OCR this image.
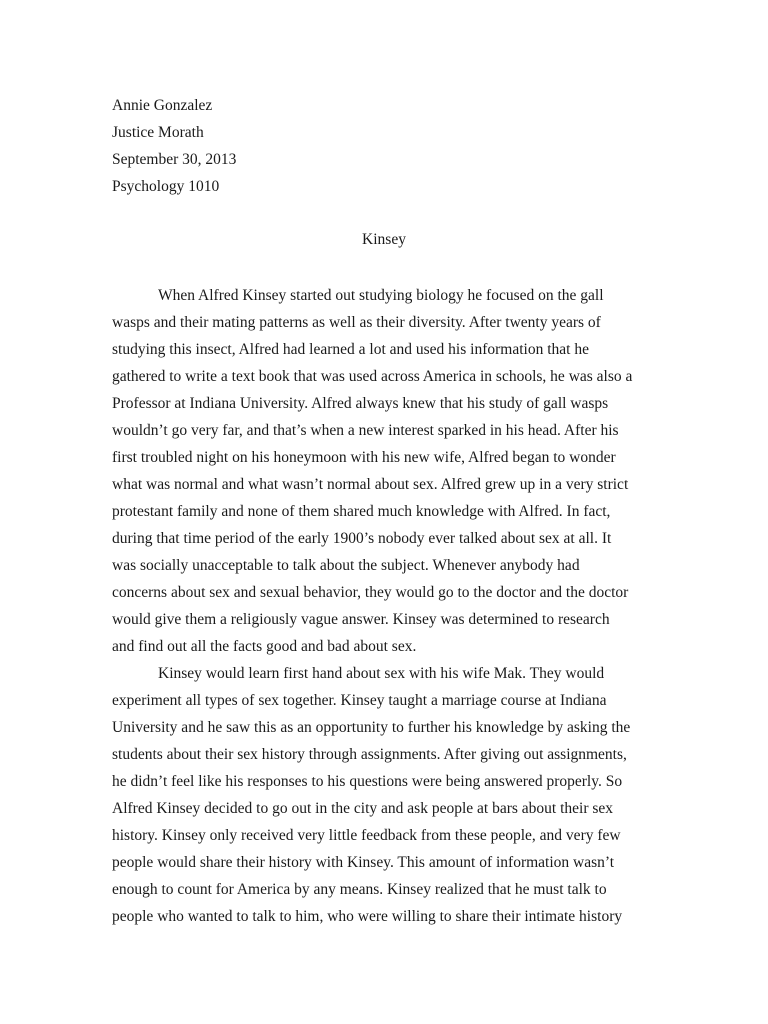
Annie Gonzalez
Justice Morath
September 30, 2013
Psychology 1010
Kinsey
When Alfred Kinsey started out studying biology he focused on the gall
wasps and their mating patterns as well as their diversity. After twenty years of
studying this insect, Alfred had learned a lot and used his information that he
gathered to write a text book that was used across America in schools, he was also a
Professor at Indiana University. Alfred always knew that his study of gall wasps
wouldn’t go very far, and that’s when a new interest sparked in his head. After his
first troubled night on his honeymoon with his new wife, Alfred began to wonder
what was normal and what wasn’t normal about sex. Alfred grew up in a very strict
protestant family and none of them shared much knowledge with Alfred. In fact,
during that time period of the early 1900’s nobody ever talked about sex at all. It
was socially unacceptable to talk about the subject. Whenever anybody had
concerns about sex and sexual behavior, they would go to the doctor and the doctor
would give them a religiously vague answer. Kinsey was determined to research
and find out all the facts good and bad about sex.
Kinsey would learn first hand about sex with his wife Mak. They would
experiment all types of sex together. Kinsey taught a marriage course at Indiana
University and he saw this as an opportunity to further his knowledge by asking the
students about their sex history through assignments. After giving out assignments,
he didn’t feel like his responses to his questions were being answered properly. So
Alfred Kinsey decided to go out in the city and ask people at bars about their sex
history. Kinsey only received very little feedback from these people, and very few
people would share their history with Kinsey. This amount of information wasn’t
enough to count for America by any means. Kinsey realized that he must talk to
people who wanted to talk to him, who were willing to share their intimate history
